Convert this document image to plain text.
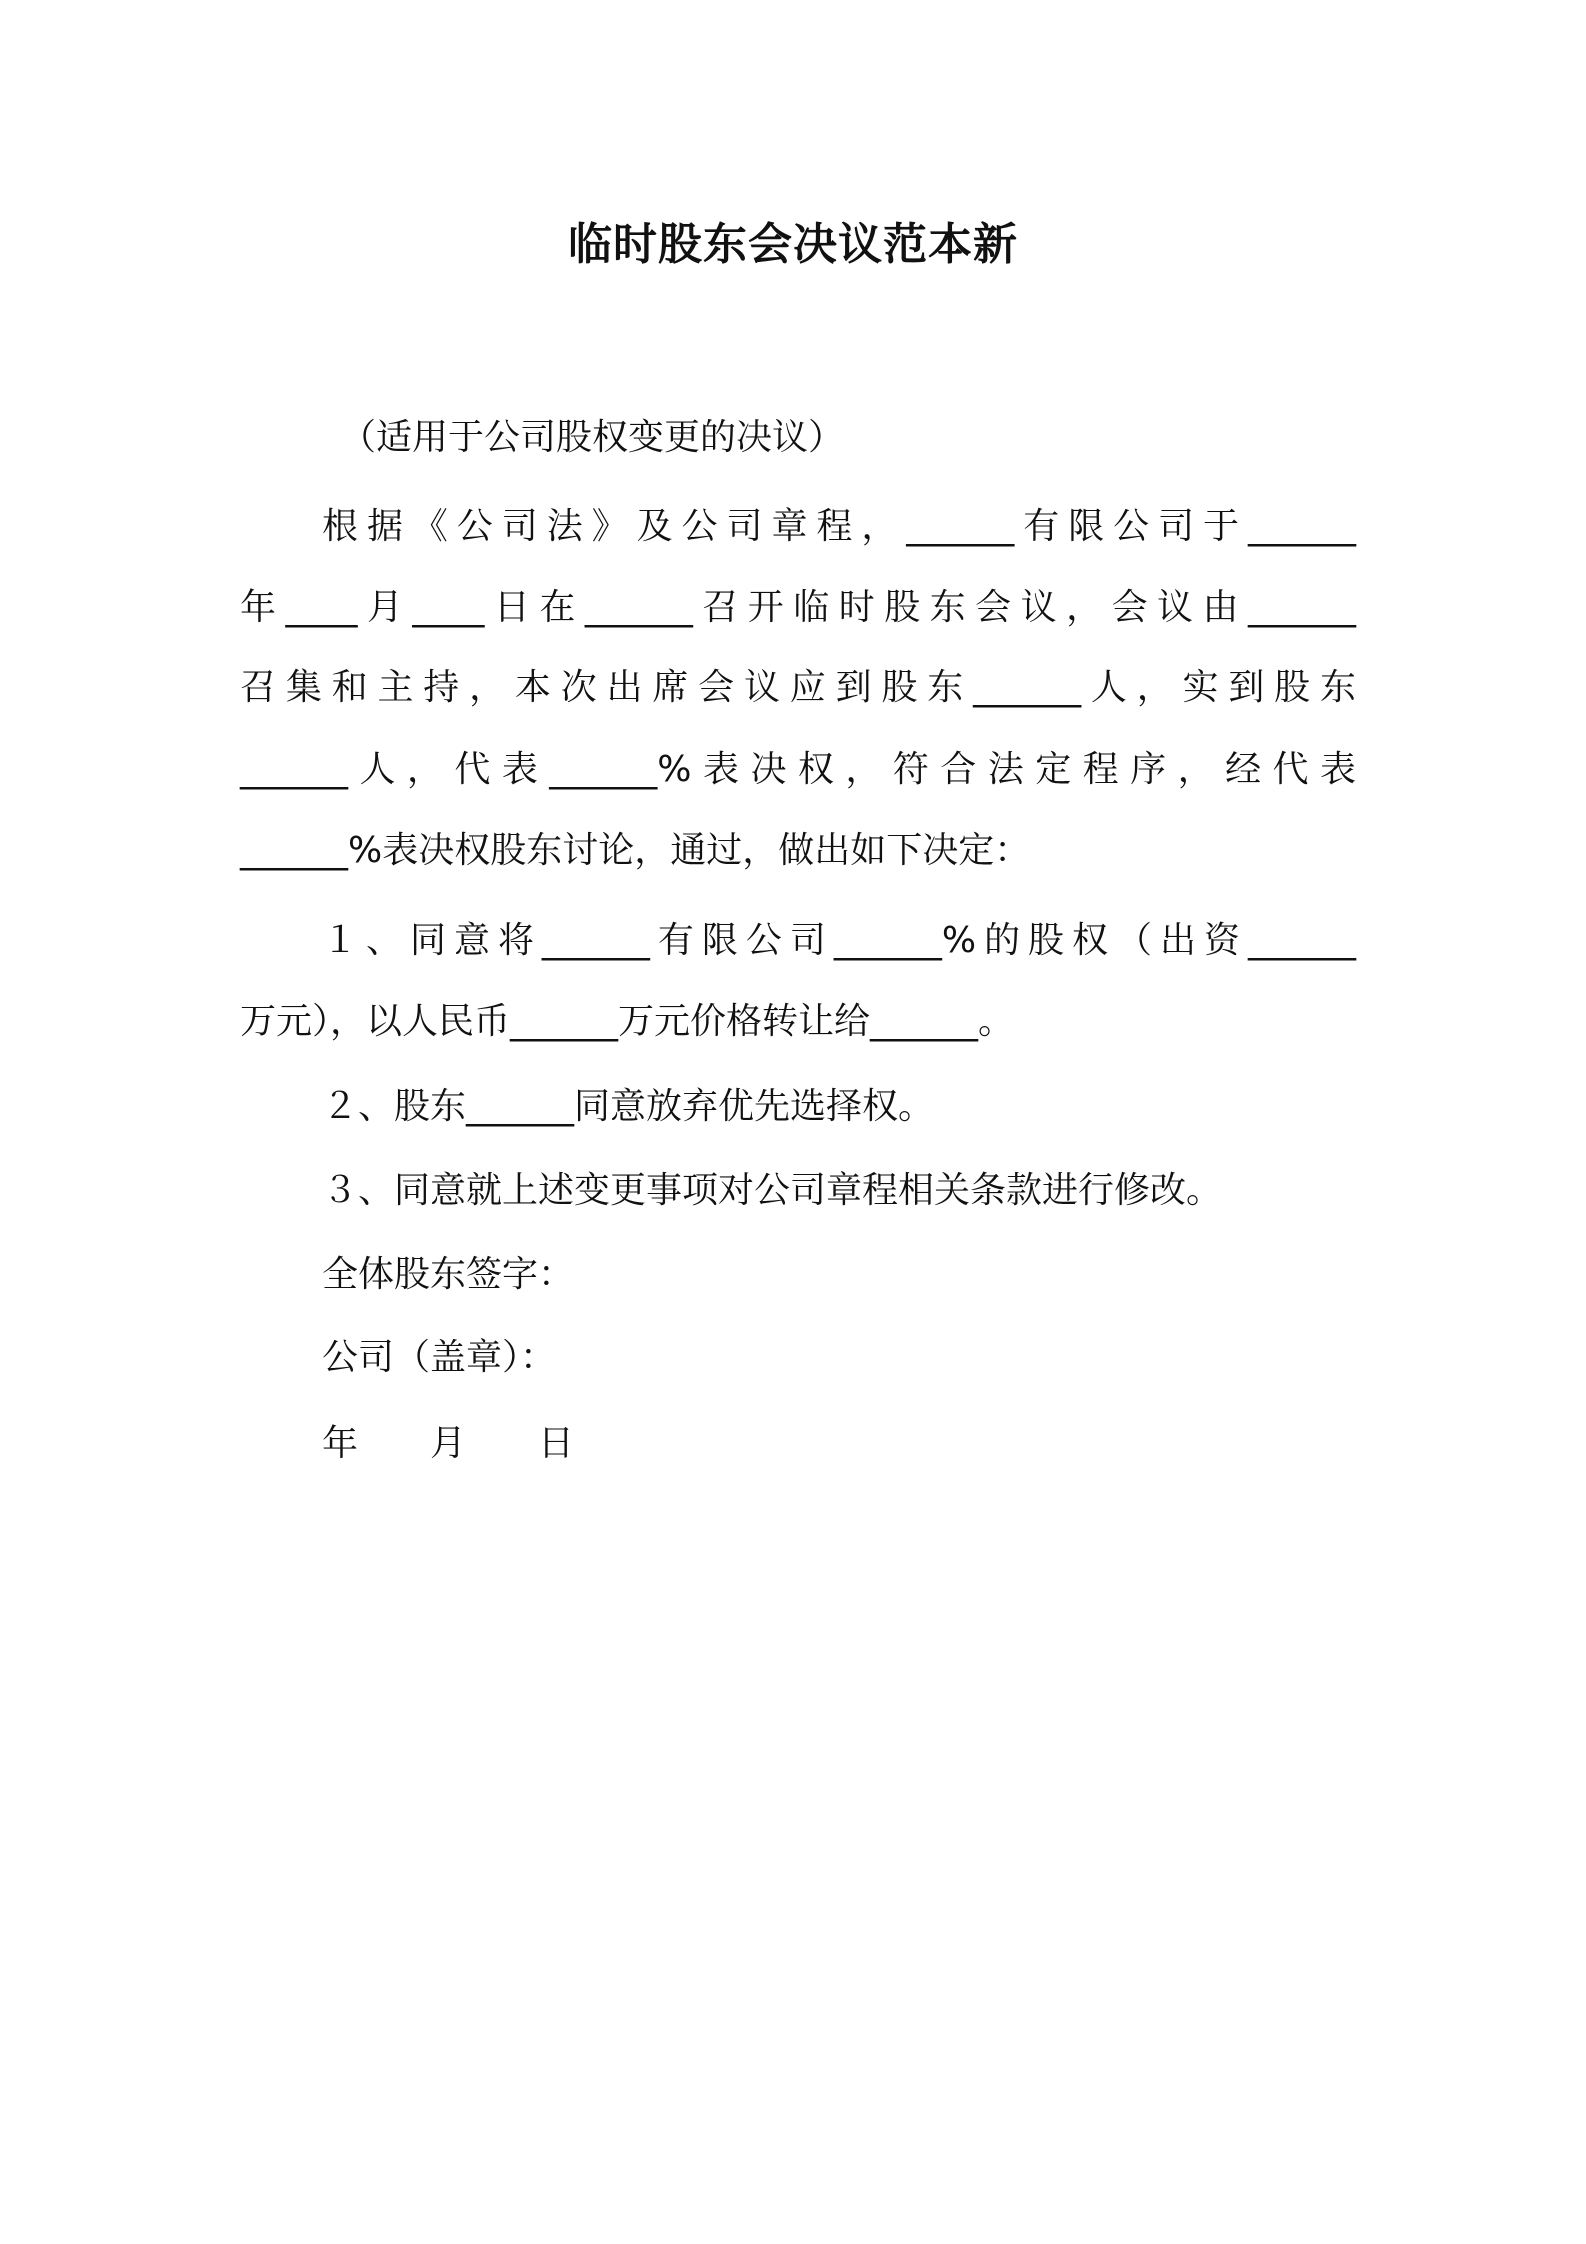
临时股东会决议范本新
（适用于公司股权变更的决议）
根据《公司法》及公司章程，______有限公司于______
年____月____日在______召开临时股东会议，会议由______
召集和主持，本次出席会议应到股东______人，实到股东
______人，代表______%表决权，符合法定程序，经代表
______%表决权股东讨论，通过，做出如下决定：
１、同意将______有限公司______%的股权（出资______
万元），以人民币______万元价格转让给______。
２、股东______同意放弃优先选择权。
３、同意就上述变更事项对公司章程相关条款进行修改。
全体股东签字：
公司（盖章）：
年　　月　　日
